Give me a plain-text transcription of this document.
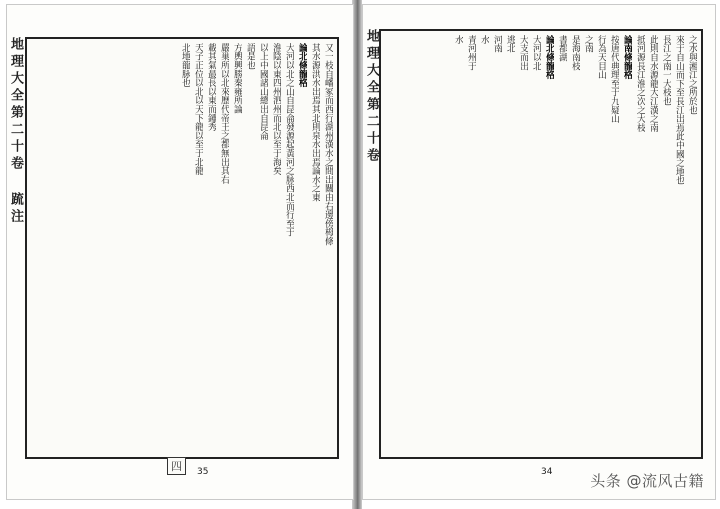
地理大全第二十卷 䟽注	又一枝自嶓冢而西行湖州漢水之間出關由右邊傍栂條
其水源洪水出焉其北則泉水出焉論水之東
論北條龍格
大河以北之山自昆侖發源起黃河之脉西北而行至于
淮陰以東四州泗州而北以至于海矣
以上中國諸山總出自昆侖
語是也
方輿興勝秦雍所論
嚴巢所以北來歷代帝王之都無出其右
載其氣最長以東而鍾秀
天子正位以北以天下龍以至于北龍
北地龍脉也
四	35
地理大全第二十卷	之水與湘江之所於也
來于自山而下至長江出焉此中國之地也
長江之南一大枝也
此則自水源龍大江漢之南
抵河源長江淮之次之大枝
論南條龍格
按唐代典理至于九疑山
行為天目山
之南
是海南枝
書都湖
論北條龍格
大河以北
大支而出
逃北
河南
水
青河州于
水
34	头条 @流风古籍
